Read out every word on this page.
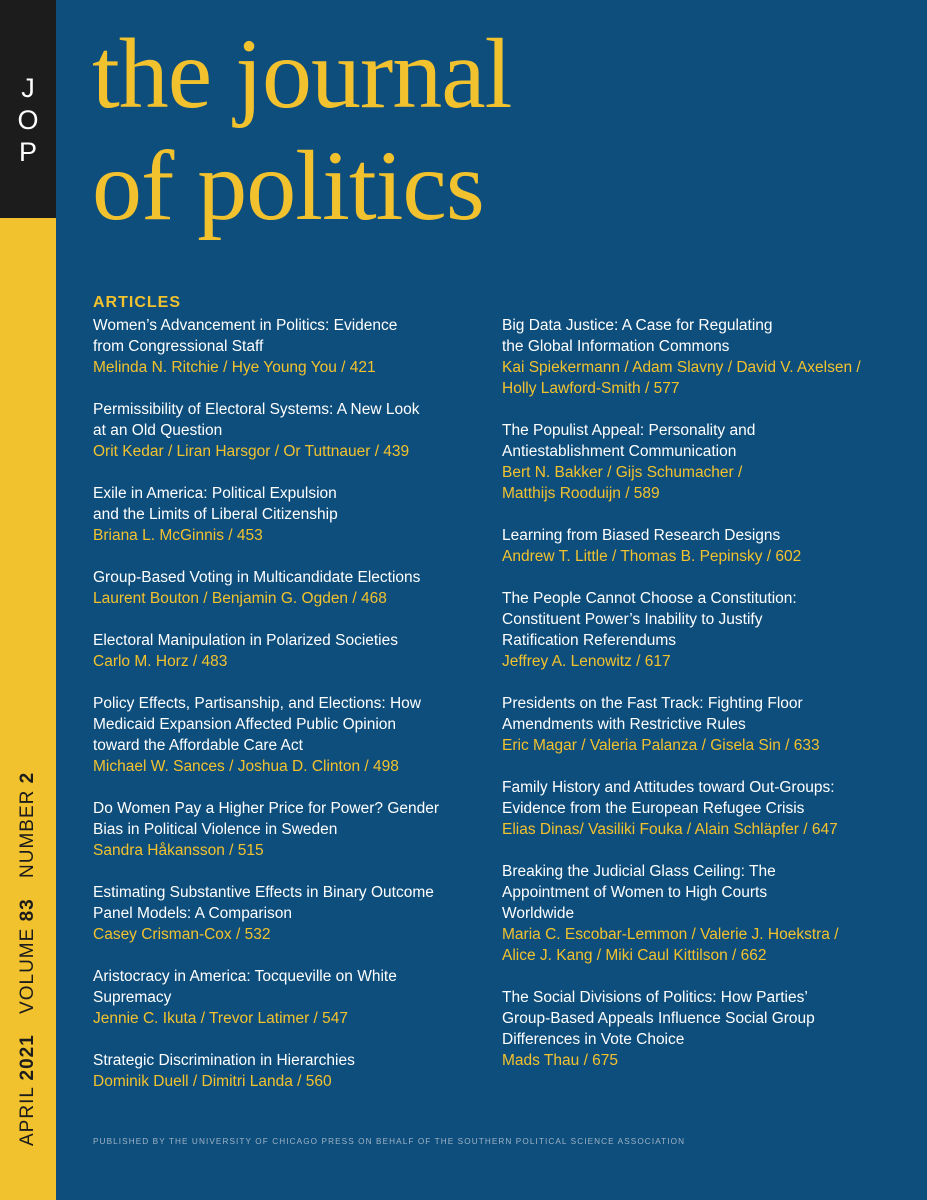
J
O
P
APRIL 2021 VOLUME 83 NUMBER 2
the journal
of politics
ARTICLES
Women’s Advancement in Politics: Evidence
from Congressional Staff
Melinda N. Ritchie / Hye Young You / 421
Permissibility of Electoral Systems: A New Look
at an Old Question
Orit Kedar / Liran Harsgor / Or Tuttnauer / 439
Exile in America: Political Expulsion
and the Limits of Liberal Citizenship
Briana L. McGinnis / 453
Group-Based Voting in Multicandidate Elections
Laurent Bouton / Benjamin G. Ogden / 468
Electoral Manipulation in Polarized Societies
Carlo M. Horz / 483
Policy Effects, Partisanship, and Elections: How
Medicaid Expansion Affected Public Opinion
toward the Affordable Care Act
Michael W. Sances / Joshua D. Clinton / 498
Do Women Pay a Higher Price for Power? Gender
Bias in Political Violence in Sweden
Sandra Håkansson / 515
Estimating Substantive Effects in Binary Outcome
Panel Models: A Comparison
Casey Crisman-Cox / 532
Aristocracy in America: Tocqueville on White
Supremacy
Jennie C. Ikuta / Trevor Latimer / 547
Strategic Discrimination in Hierarchies
Dominik Duell / Dimitri Landa / 560
Big Data Justice: A Case for Regulating
the Global Information Commons
Kai Spiekermann / Adam Slavny / David V. Axelsen /
Holly Lawford-Smith / 577
The Populist Appeal: Personality and
Antiestablishment Communication
Bert N. Bakker / Gijs Schumacher /
Matthijs Rooduijn / 589
Learning from Biased Research Designs
Andrew T. Little / Thomas B. Pepinsky / 602
The People Cannot Choose a Constitution:
Constituent Power’s Inability to Justify
Ratification Referendums
Jeffrey A. Lenowitz / 617
Presidents on the Fast Track: Fighting Floor
Amendments with Restrictive Rules
Eric Magar / Valeria Palanza / Gisela Sin / 633
Family History and Attitudes toward Out-Groups:
Evidence from the European Refugee Crisis
Elias Dinas/ Vasiliki Fouka / Alain Schläpfer / 647
Breaking the Judicial Glass Ceiling: The
Appointment of Women to High Courts
Worldwide
Maria C. Escobar-Lemmon / Valerie J. Hoekstra /
Alice J. Kang / Miki Caul Kittilson / 662
The Social Divisions of Politics: How Parties’
Group-Based Appeals Influence Social Group
Differences in Vote Choice
Mads Thau / 675
PUBLISHED BY THE UNIVERSITY OF CHICAGO PRESS ON BEHALF OF THE SOUTHERN POLITICAL SCIENCE ASSOCIATION
